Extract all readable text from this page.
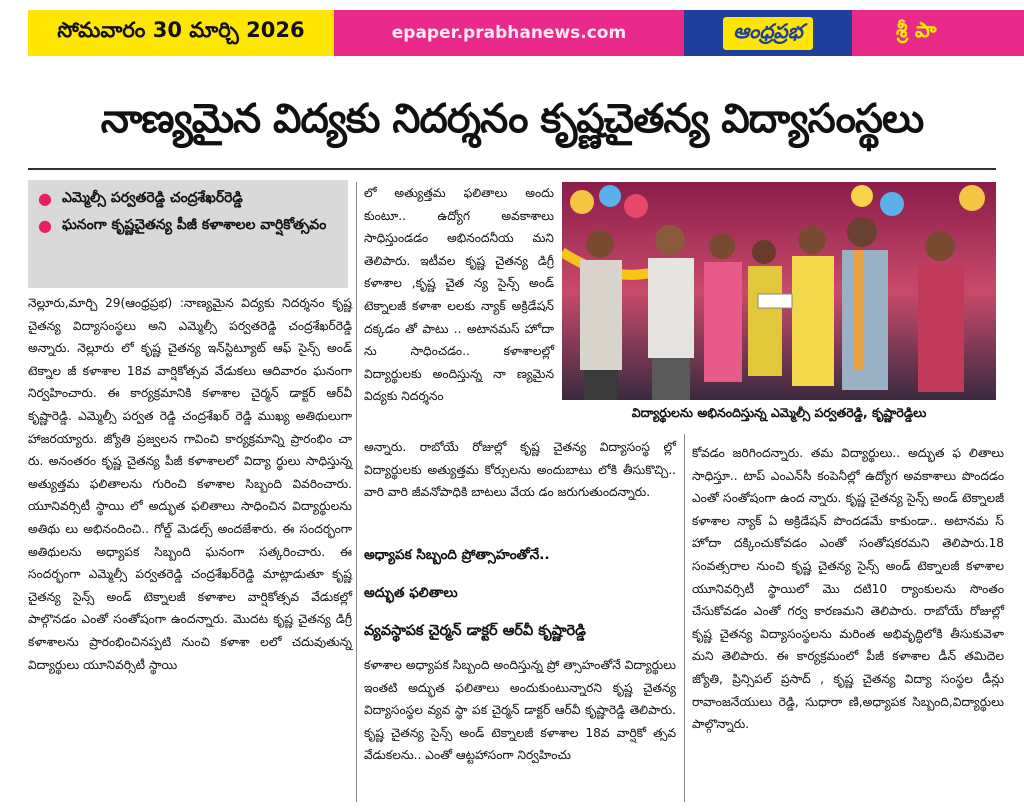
సోమవారం 30 మార్చి 2026	epaper.prabhanews.com	ఆంధ్రప్రభ	శ్రీ పా
నాణ్యమైన విద్యకు నిదర్శనం కృష్ణచైతన్య విద్యాసంస్థలు
● ఎమ్మెల్సీ పర్వతరెడ్డి చంద్రశేఖర్‌రెడ్డి
● ఘనంగా కృష్ణచైతన్య పీజీ కళాశాలల వార్షికోత్సవం

నెల్లూరు,మార్చి 29(ఆంధ్రప్రభ) :నాణ్యమైన విద్యకు నిదర్శనం కృష్ణ చైతన్య విద్యాసంస్థలు అని ఎమ్మెల్సీ పర్వతరెడ్డి చంద్రశేఖర్‌రెడ్డి అన్నారు. నెల్లూరు లో కృష్ణ చైతన్య ఇన్‌స్టిట్యూట్ ఆఫ్ సైన్స్ అండ్ టెక్నాల జీ కళాశాల 18వ వార్షికోత్సవ వేడుకలు ఆదివారం ఘనంగా నిర్వహించారు. ఈ కార్యక్రమానికి కళాశాల చైర్మన్ డాక్టర్ ఆర్‌వీ కృష్ణారెడ్డి. ఎమ్మెల్సీ పర్వత రెడ్డి చంద్రశేఖర్ రెడ్డి ముఖ్య అతిథులుగా హాజరయ్యారు. జ్యోతి ప్రజ్వలన గావించి కార్యక్రమాన్ని ప్రారంభిం చా రు. అనంతరం కృష్ణ చైతన్య పీజీ కళాశాలలో విద్యా ర్థులు సాధిస్తున్న అత్యుత్తమ ఫలితాలను గురించి కళాశాల సిబ్బంది వివరించారు. యూనివర్సిటీ స్థాయి లో అద్భుత ఫలితాలు సాధించిన విద్యార్థులను అతిథు లు అభినందించి.. గోల్డ్ మెడల్స్ అందజేశారు. ఈ సందర్భంగా అతిథులను అధ్యాపక సిబ్బంది ఘనంగా సత్కరించారు. ఈ సందర్భంగా ఎమ్మెల్సీ పర్వతరెడ్డి చంద్రశేఖర్‌రెడ్డి మాట్లాడుతూ కృష్ణ చైతన్య సైన్స్ అండ్ టెక్నాలజీ కళాశాల వార్షికోత్సవ వేడుకల్లో పాల్గొనడం ఎంతో సంతోషంగా ఉందన్నారు. మొదట కృష్ణ చైతన్య డిగ్రీ కళాశాలను ప్రారంభించినప్పటి నుంచి కళాశా లలో చదువుతున్న విద్యార్థులు యూనివర్సిటీ స్థాయి

లో అత్యుత్తమ ఫలితాలు అందు కుంటూ.. ఉద్యోగ అవకాశాలు సాధిస్తుండడం అభినందనీయ మని తెలిపారు. ఇటీవల కృష్ణ చైతన్య డిగ్రీ కళాశాల ,కృష్ణ చైత న్య సైన్స్ అండ్ టెక్నాలజీ కళాశా లలకు న్యాక్ అక్రిడేషన్ దక్కడం తో పాటు .. అటానమస్ హోదా ను సాధించడం.. కళాశాలల్లో విద్యార్థులకు అందిస్తున్న నా ణ్యమైన విద్యకు నిదర్శనం

విద్యార్థులను అభినందిస్తున్న ఎమ్మెల్సీ పర్వతరెడ్డి, కృష్ణారెడ్డిలు

అన్నారు. రాబోయే రోజుల్లో కృష్ణ చైతన్య విద్యాసంస్థ ల్లో విద్యార్థులకు అత్యుత్తమ కోర్సులను అందుబాటు లోకి తీసుకొచ్చి.. వారి వారి జీవనోపాధికి బాటలు వేయ డం జరుగుతుందన్నారు.

అధ్యాపక సిబ్బంది ప్రోత్సాహంతోనే..
అద్భుత ఫలితాలు
వ్యవస్థాపక చైర్మన్ డాక్టర్ ఆర్‌వీ కృష్ణారెడ్డి

కళాశాల అధ్యాపక సిబ్బంది అందిస్తున్న ప్రో త్సాహంతోనే విద్యార్థులు ఇంతటి అద్భుత ఫలితాలు అందుకుంటున్నారని కృష్ణ చైతన్య విద్యాసంస్థల వ్యవ స్థా పక చైర్మన్ డాక్టర్ ఆర్‌వీ కృష్ణారెడ్డి తెలిపారు. కృష్ణ చైతన్య సైన్స్ అండ్ టెక్నాలజీ కళాశాల 18వ వార్షికో త్సవ వేడుకలను.. ఎంతో ఆట్టహాసంగా నిర్వహించు

కోవడం జరిగిందన్నారు. తమ విద్యార్థులు.. అద్భుత ఫ లితాలు సాధిస్తూ.. టాప్ ఎంఎన్‌సీ కంపెనీల్లో ఉద్యోగ అవకాశాలు పొందడం ఎంతో సంతోషంగా ఉంద న్నారు. కృష్ణ చైతన్య సైన్స్ అండ్ టెక్నాలజీ కళాశాల న్యాక్ ఏ అక్రిడేషన్ పొందడమే కాకుండా.. అటానమ స్ హోదా దక్కించుకోవడం ఎంతో సంతోషకరమని తెలిపారు.18 సంవత్సరాల నుంచి కృష్ణ చైతన్య సైన్స్ అండ్ టెక్నాలజీ కళాశాల యూనివర్సిటీ స్థాయిలో మొ దటి10 ర్యాంకులను సొంతం చేసుకోవడం ఎంతో గర్వ కారణమని తెలిపారు. రాబోయే రోజుల్లో కృష్ణ చైతన్య విద్యాసంస్థలను మరింత అభివృద్ధిలోకి తీసుకువెళా మని తెలిపారు. ఈ కార్యక్రమంలో పీజీ కళాశాల డీన్ తమిదెల జ్యోతి, ప్రిన్సిపల్ ప్రసాద్ , కృష్ణ చైతన్య విద్యా సంస్థల డీన్లు రావాంజనేయులు రెడ్డి, సుధారా ణి,అధ్యాపక సిబ్బంది,విద్యార్థులు పాల్గొన్నారు.
